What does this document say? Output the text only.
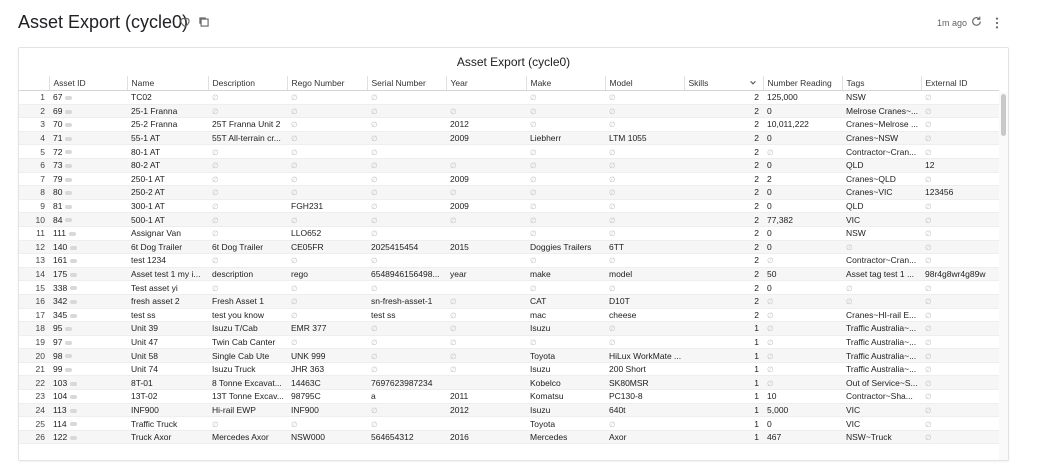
Asset Export (cycle0)	1m ago
Asset Export (cycle0)
	Asset ID	Name	Description	Rego Number	Serial Number	Year	Make	Model	Skills	Number Reading	Tags	External ID
1	67	TC02	∅	∅	∅		∅	∅	2	125,000	NSW	∅
2	69	25-1 Franna	∅	∅	∅	∅	∅	∅	2	0	Melrose Cranes~...	∅
3	70	25-2 Franna	25T Franna Unit 2	∅	∅	2012	∅	∅	2	10,011,222	Cranes~Melrose ...	∅
4	71	55-1 AT	55T All-terrain cr...	∅	∅	2009	Liebherr	LTM 1055	2	0	Cranes~NSW	∅
5	72	80-1 AT	∅	∅	∅		∅	∅	2	∅	Contractor~Cran...	∅
6	73	80-2 AT	∅	∅	∅	∅	∅	∅	2	0	QLD	12
7	79	250-1 AT	∅	∅	∅	2009	∅	∅	2	2	Cranes~QLD	∅
8	80	250-2 AT	∅	∅	∅	∅	∅	∅	2	0	Cranes~VIC	123456
9	81	300-1 AT	∅	FGH231	∅	2009	∅	∅	2	0	QLD	∅
10	84	500-1 AT	∅	∅	∅	∅	∅	∅	2	77,382	VIC	∅
11	111	Assignar Van	∅	LLO652	∅		∅	∅	2	0	NSW	∅
12	140	6t Dog Trailer	6t Dog Trailer	CE05FR	2025415454	2015	Doggies Trailers	6TT	2	0	∅	∅
13	161	test 1234	∅	∅	∅		∅	∅	2	∅	Contractor~Cran...	∅
14	175	Asset test 1 my i...	description	rego	6548946156498...	year	make	model	2	50	Asset tag test 1 ...	98r4g8wr4g89w
15	338	Test asset yi	∅	∅	∅		∅	∅	2	0	∅	∅
16	342	fresh asset 2	Fresh Asset 1	∅	sn-fresh-asset-1	∅	CAT	D10T	2	∅	∅	∅
17	345	test ss	test you know	∅	test ss	∅	mac	cheese	2	∅	Cranes~HI-rail E...	∅
18	95	Unit 39	Isuzu T/Cab	EMR 377	∅	∅	Isuzu	∅	1	∅	Traffic Australia~...	∅
19	97	Unit 47	Twin Cab Canter	∅	∅	∅	∅	∅	1	∅	Traffic Australia~...	∅
20	98	Unit 58	Single Cab Ute	UNK 999	∅	∅	Toyota	HiLux WorkMate ...	1	∅	Traffic Australia~...	∅
21	99	Unit 74	Isuzu Truck	JHR 363	∅	∅	Isuzu	200 Short	1	∅	Traffic Australia~...	∅
22	103	8T-01	8 Tonne Excavat...	14463C	7697623987234		Kobelco	SK80MSR	1	∅	Out of Service~S...	∅
23	104	13T-02	13T Tonne Excav...	98795C	a	2011	Komatsu	PC130-8	1	10	Contractor~Sha...	∅
24	113	INF900	Hi-rail EWP	INF900	∅	2012	Isuzu	640t	1	5,000	VIC	∅
25	114	Traffic Truck	∅	∅	∅		Toyota	∅	1	0	VIC	∅
26	122	Truck Axor	Mercedes Axor	NSW000	564654312	2016	Mercedes	Axor	1	467	NSW~Truck	∅
